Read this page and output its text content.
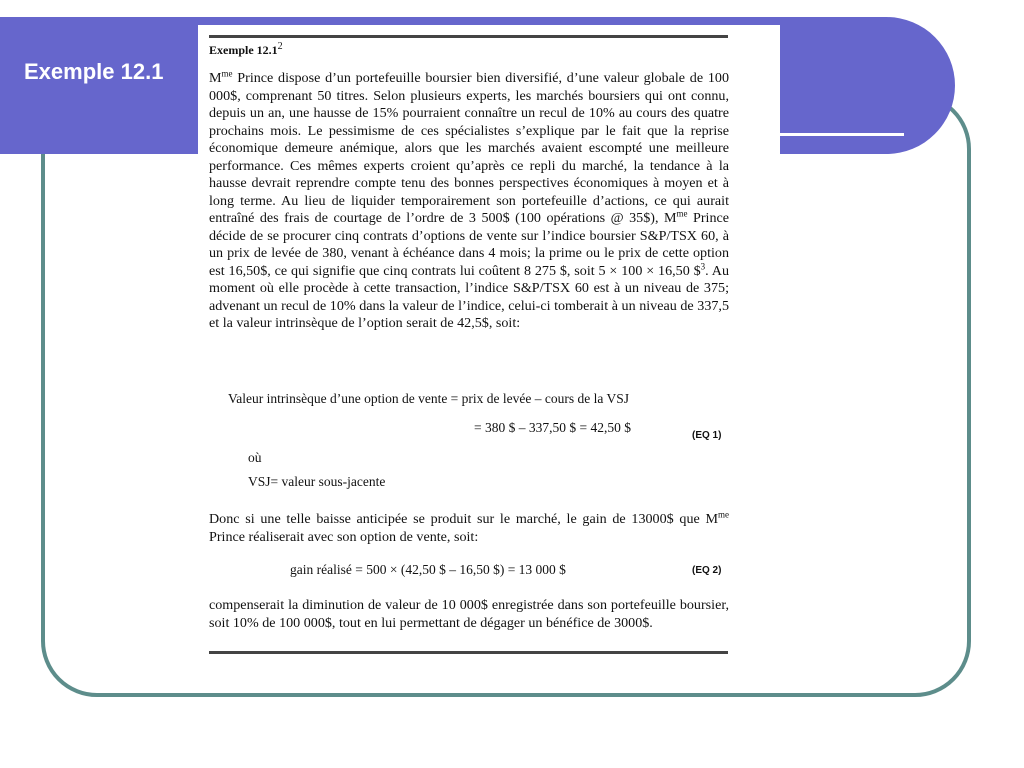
Exemple 12.1
Exemple 12.1$^2$

$M^{me}$ Prince dispose d’un portefeuille boursier bien diversifié, d’une valeur globale de 100 000$, comprenant 50 titres. Selon plusieurs experts, les marchés boursiers qui ont connu, depuis un an, une hausse de 15% pourraient connaître un recul de 10% au cours des quatre prochains mois. Le pessimisme de ces spécialistes s’explique par le fait que la reprise économique demeure anémique, alors que les marchés avaient escompté une meilleure performance. Ces mêmes experts croient qu’après ce repli du marché, la tendance à la hausse devrait reprendre compte tenu des bonnes perspectives économiques à moyen et à long terme. Au lieu de liquider temporairement son portefeuille d’actions, ce qui aurait entraîné des frais de courtage de l’ordre de 3 500$ (100 opérations @ 35$), $M^{me}$ Prince décide de se procurer cinq contrats d’options de vente sur l’indice boursier S&P/TSX 60, à un prix de levée de 380, venant à échéance dans 4 mois; la prime ou le prix de cette option est 16,50$, ce qui signifie que cinq contrats lui coûtent 8 275 $, soit 5 × 100 × 16,50 \$$^3$. Au moment où elle procède à cette transaction, l’indice S&P/TSX 60 est à un niveau de 375; advenant un recul de 10% dans la valeur de l’indice, celui-ci tomberait à un niveau de 337,5 et la valeur intrinsèque de l’option serait de 42,5$, soit:

Valeur intrinsèque d’une option de vente = prix de levée – cours de la VSJ
= 380 $ – 337,50 $ = 42,50 $
(EQ 1)
où
VSJ= valeur sous-jacente

Donc si une telle baisse anticipée se produit sur le marché, le gain de 13000$ que $M^{me}$ Prince réaliserait avec son option de vente, soit:

gain réalisé = 500 × (42,50 $ – 16,50 $) = 13 000 $	(EQ 2)

compenserait la diminution de valeur de 10 000$ enregistrée dans son portefeuille boursier, soit 10% de 100 000$, tout en lui permettant de dégager un bénéfice de 3000$.
